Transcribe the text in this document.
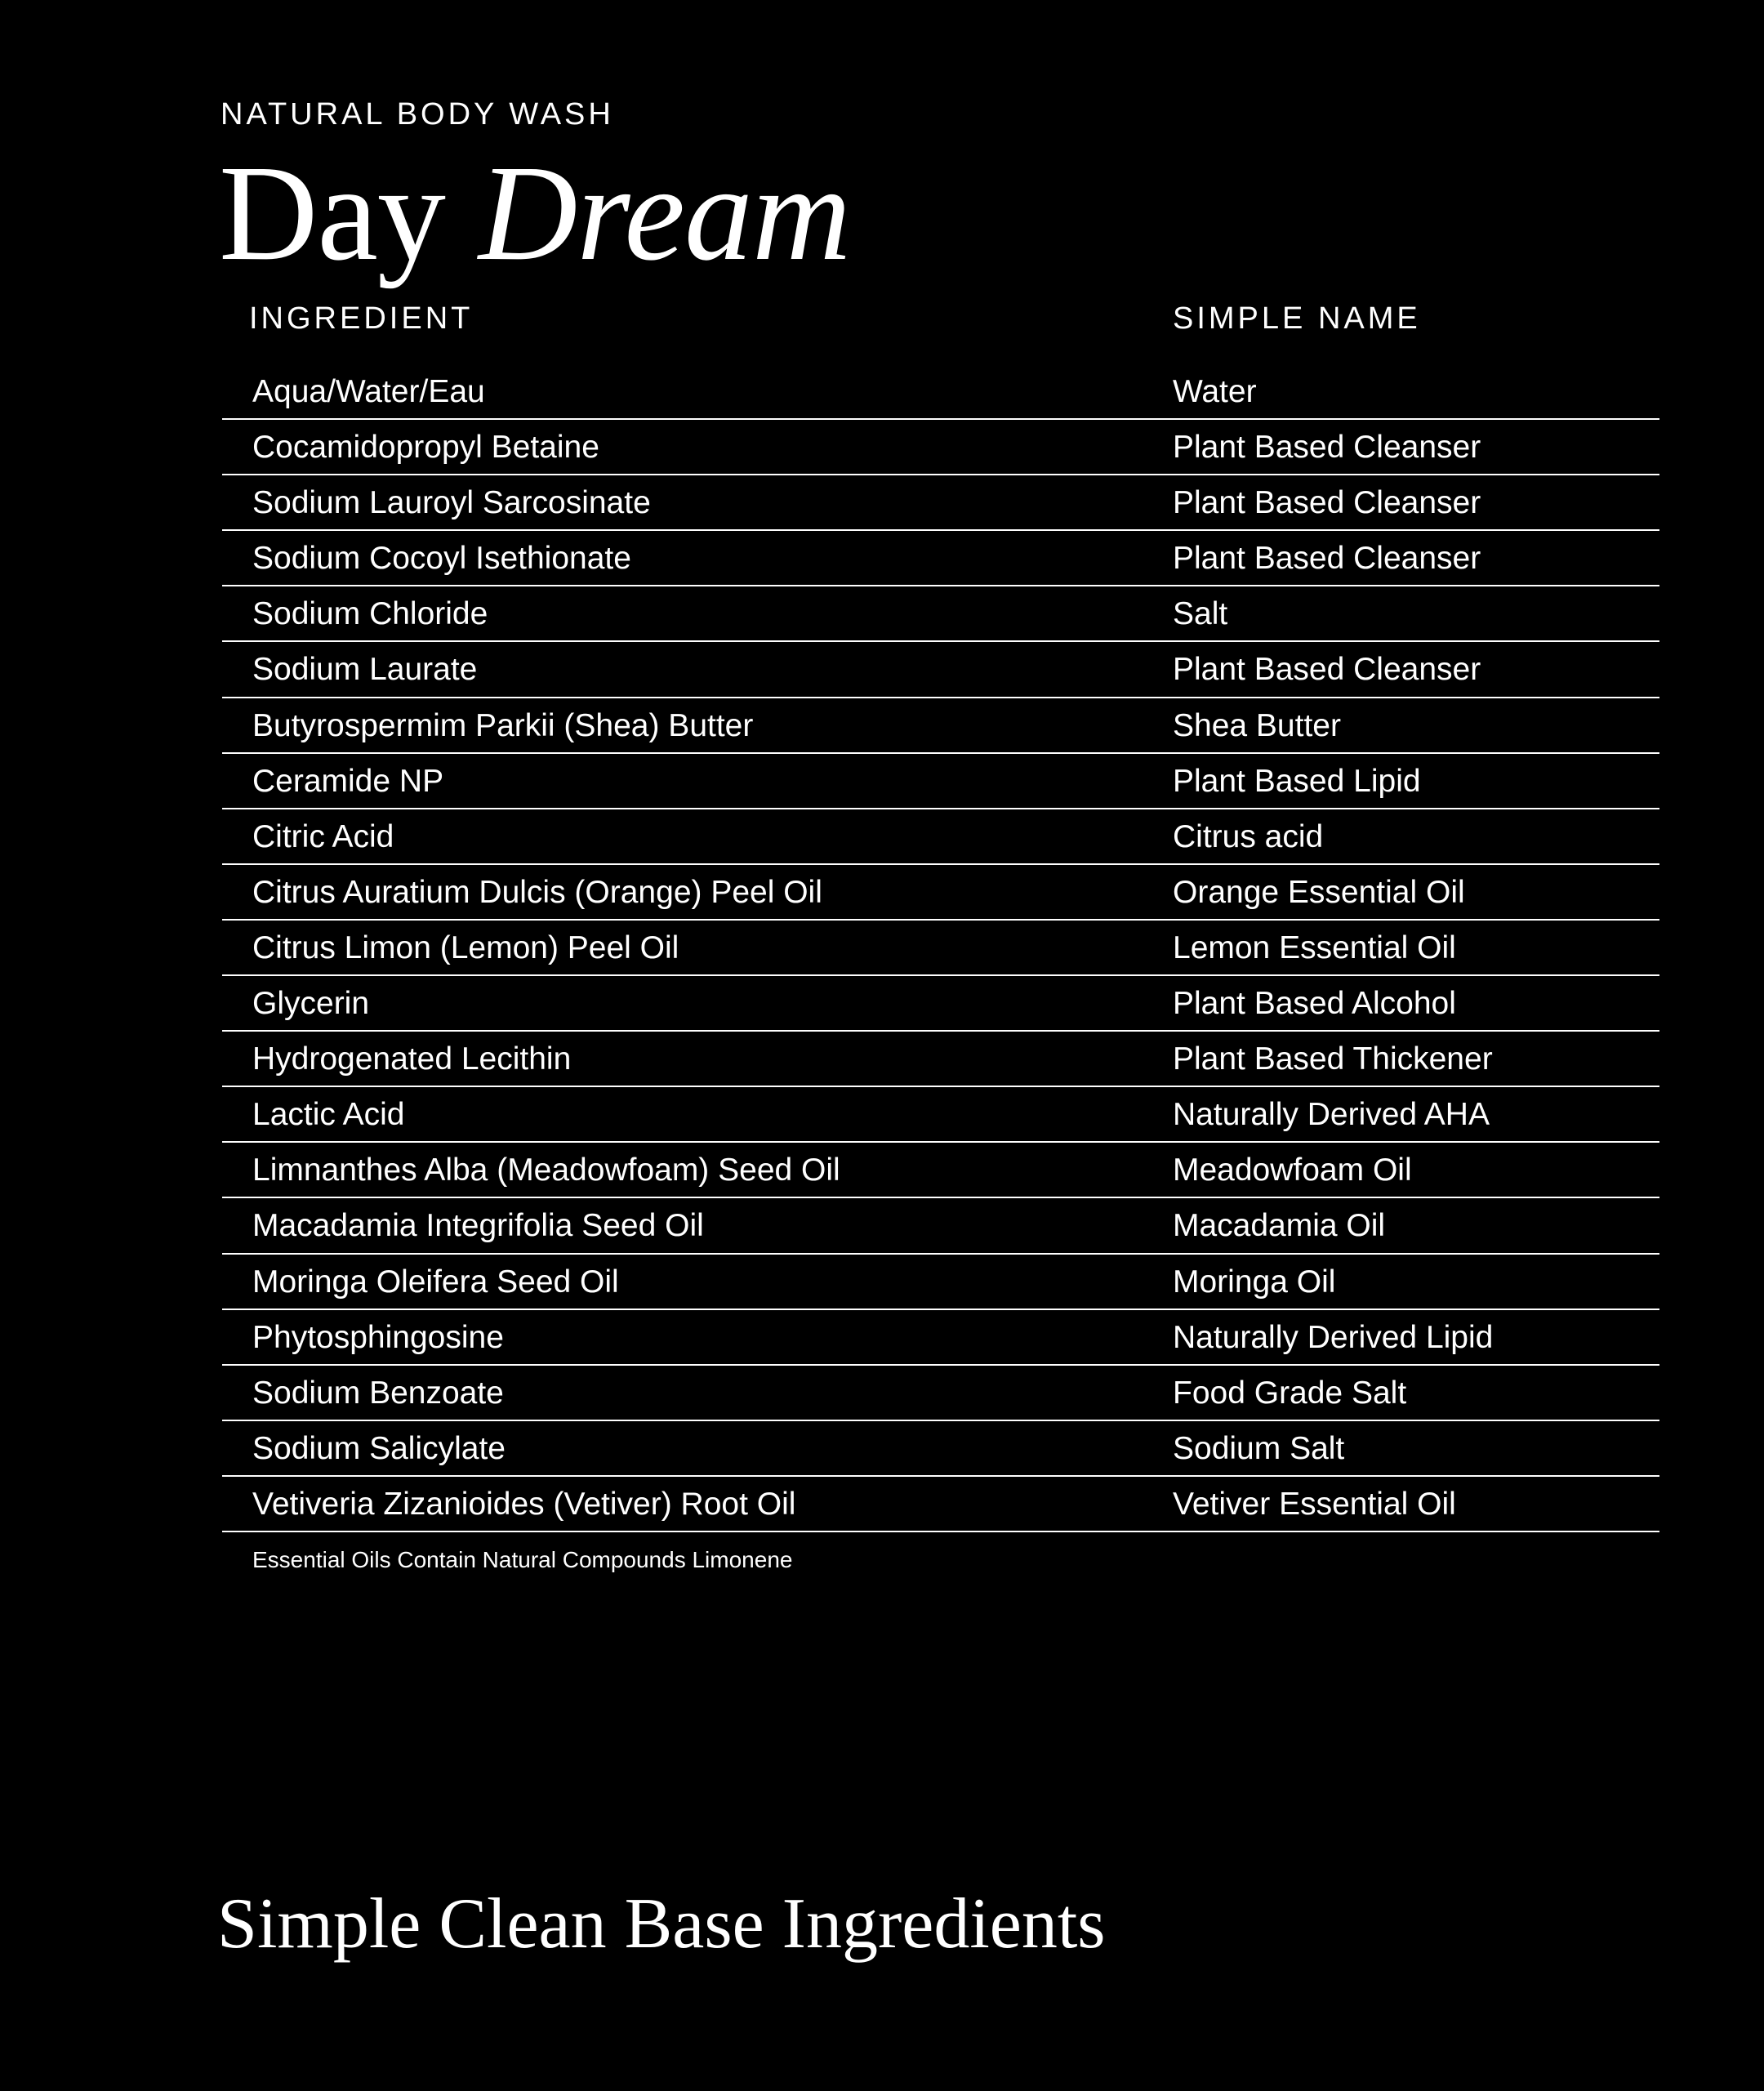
NATURAL BODY WASH
Day Dream
INGREDIENT	SIMPLE NAME
Aqua/Water/Eau	Water
Cocamidopropyl Betaine	Plant Based Cleanser
Sodium Lauroyl Sarcosinate	Plant Based Cleanser
Sodium Cocoyl Isethionate	Plant Based Cleanser
Sodium Chloride	Salt
Sodium Laurate	Plant Based Cleanser
Butyrospermim Parkii (Shea) Butter	Shea Butter
Ceramide NP	Plant Based Lipid
Citric Acid	Citrus acid
Citrus Auratium Dulcis (Orange) Peel Oil	Orange Essential Oil
Citrus Limon (Lemon) Peel Oil	Lemon Essential Oil
Glycerin	Plant Based Alcohol
Hydrogenated Lecithin	Plant Based Thickener
Lactic Acid	Naturally Derived AHA
Limnanthes Alba (Meadowfoam) Seed Oil	Meadowfoam Oil
Macadamia Integrifolia Seed Oil	Macadamia Oil
Moringa Oleifera Seed Oil	Moringa Oil
Phytosphingosine	Naturally Derived Lipid
Sodium Benzoate	Food Grade Salt
Sodium Salicylate	Sodium Salt
Vetiveria Zizanioides (Vetiver) Root Oil	Vetiver Essential Oil
Essential Oils Contain Natural Compounds Limonene
Simple Clean Base Ingredients
